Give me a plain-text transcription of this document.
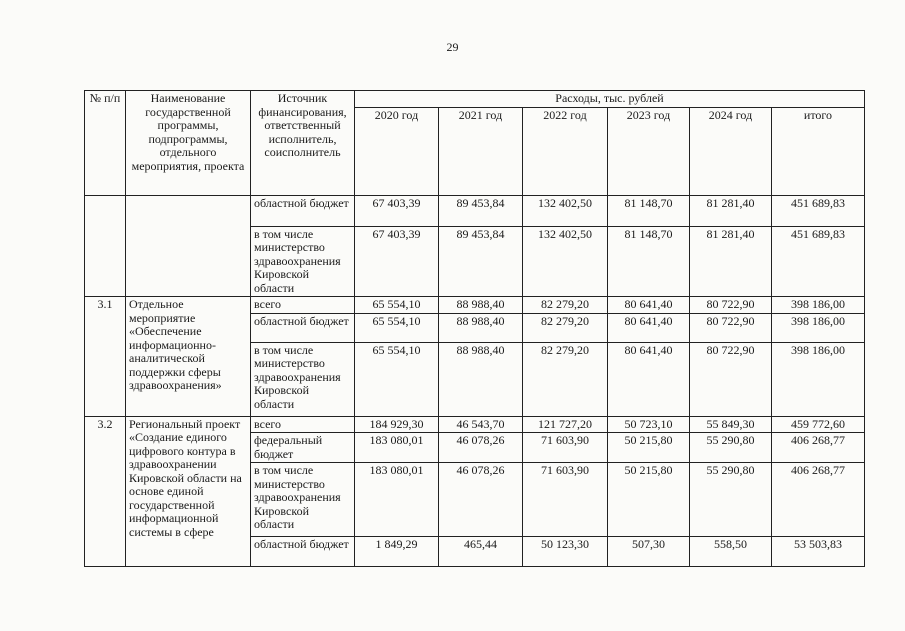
29
№ п/п	Наименование государственной программы, подпрограммы, отдельного мероприятия, проекта	Источник финансирования, ответственный исполнитель, соисполнитель	Расходы, тыс. рублей					
			2020 год	2021 год	2022 год	2023 год	2024 год	итого
		областной бюджет	67 403,39	89 453,84	132 402,50	81 148,70	81 281,40	451 689,83
		в том числе министерство здравоохранения Кировской области	67 403,39	89 453,84	132 402,50	81 148,70	81 281,40	451 689,83
3.1	Отдельное мероприятие «Обеспечение информационно-аналитической поддержки сферы здравоохранения»	всего	65 554,10	88 988,40	82 279,20	80 641,40	80 722,90	398 186,00
		областной бюджет	65 554,10	88 988,40	82 279,20	80 641,40	80 722,90	398 186,00
		в том числе министерство здравоохранения Кировской области	65 554,10	88 988,40	82 279,20	80 641,40	80 722,90	398 186,00
3.2	Региональный проект «Создание единого цифрового контура в здравоохранении Кировской области на основе единой государственной информационной системы в сфере	всего	184 929,30	46 543,70	121 727,20	50 723,10	55 849,30	459 772,60
		федеральный бюджет	183 080,01	46 078,26	71 603,90	50 215,80	55 290,80	406 268,77
		в том числе министерство здравоохранения Кировской области	183 080,01	46 078,26	71 603,90	50 215,80	55 290,80	406 268,77
		областной бюджет	1 849,29	465,44	50 123,30	507,30	558,50	53 503,83
